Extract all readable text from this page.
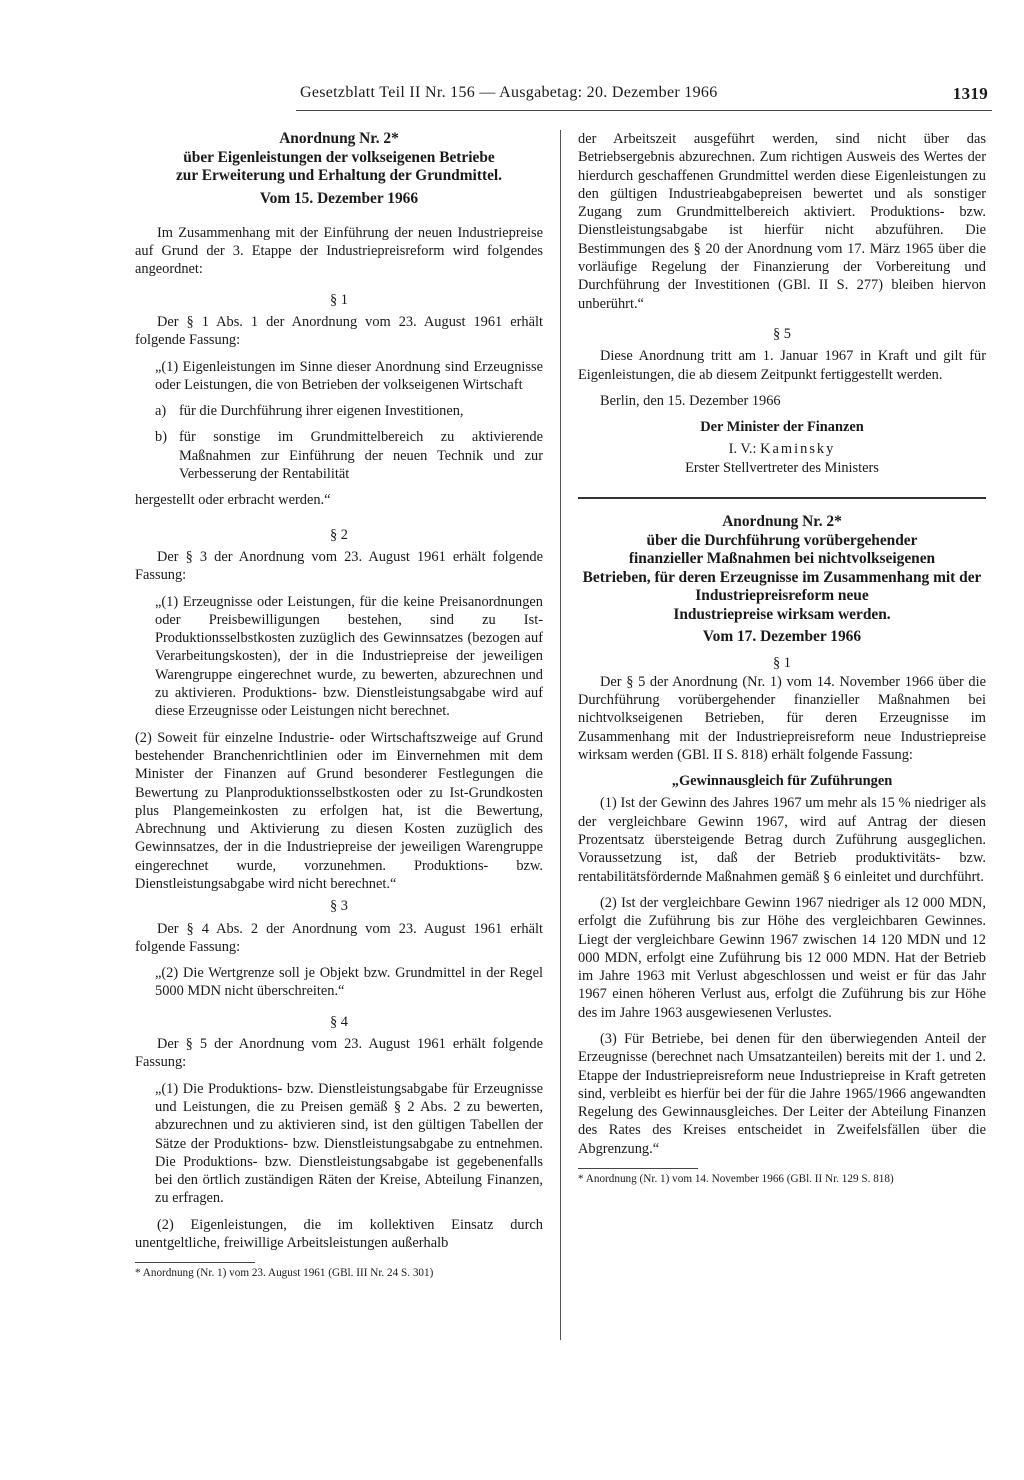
Gesetzblatt Teil II Nr. 156 — Ausgabetag: 20. Dezember 1966	1319
Anordnung Nr. 2*
über Eigenleistungen der volkseigenen Betriebe
zur Erweiterung und Erhaltung der Grundmittel.

Vom 15. Dezember 1966

Im Zusammenhang mit der Einführung der neuen Industriepreise auf Grund der 3. Etappe der Industriepreisreform wird folgendes angeordnet:

§ 1

Der § 1 Abs. 1 der Anordnung vom 23. August 1961 erhält folgende Fassung:

„(1) Eigenleistungen im Sinne dieser Anordnung sind Erzeugnisse oder Leistungen, die von Betrieben der volkseigenen Wirtschaft

a) für die Durchführung ihrer eigenen Investitionen,
b) für sonstige im Grundmittelbereich zu aktivierende Maßnahmen zur Einführung der neuen Technik und zur Verbesserung der Rentabilität

hergestellt oder erbracht werden.“

§ 2

Der § 3 der Anordnung vom 23. August 1961 erhält folgende Fassung:

„(1) Erzeugnisse oder Leistungen, für die keine Preisanordnungen oder Preisbewilligungen bestehen, sind zu Ist-Produktionsselbstkosten zuzüglich des Gewinnsatzes (bezogen auf Verarbeitungskosten), der in die Industriepreise der jeweiligen Warengruppe eingerechnet wurde, zu bewerten, abzurechnen und zu aktivieren. Produktions- bzw. Dienstleistungsabgabe wird auf diese Erzeugnisse oder Leistungen nicht berechnet.

(2) Soweit für einzelne Industrie- oder Wirtschaftszweige auf Grund bestehender Branchenrichtlinien oder im Einvernehmen mit dem Minister der Finanzen auf Grund besonderer Festlegungen die Bewertung zu Planproduktionsselbstkosten oder zu Ist-Grundkosten plus Plangemeinkosten zu erfolgen hat, ist die Bewertung, Abrechnung und Aktivierung zu diesen Kosten zuzüglich des Gewinnsatzes, der in die Industriepreise der jeweiligen Warengruppe eingerechnet wurde, vorzunehmen. Produktions- bzw. Dienstleistungsabgabe wird nicht berechnet.“

§ 3

Der § 4 Abs. 2 der Anordnung vom 23. August 1961 erhält folgende Fassung:

„(2) Die Wertgrenze soll je Objekt bzw. Grundmittel in der Regel 5000 MDN nicht überschreiten.“

§ 4

Der § 5 der Anordnung vom 23. August 1961 erhält folgende Fassung:

„(1) Die Produktions- bzw. Dienstleistungsabgabe für Erzeugnisse und Leistungen, die zu Preisen gemäß § 2 Abs. 2 zu bewerten, abzurechnen und zu aktivieren sind, ist den gültigen Tabellen der Sätze der Produktions- bzw. Dienstleistungsabgabe zu entnehmen. Die Produktions- bzw. Dienstleistungsabgabe ist gegebenenfalls bei den örtlich zuständigen Räten der Kreise, Abteilung Finanzen, zu erfragen.

(2) Eigenleistungen, die im kollektiven Einsatz durch unentgeltliche, freiwillige Arbeitsleistungen außerhalb

* Anordnung (Nr. 1) vom 23. August 1961 (GBl. III Nr. 24 S. 301)

der Arbeitszeit ausgeführt werden, sind nicht über das Betriebsergebnis abzurechnen. Zum richtigen Ausweis des Wertes der hierdurch geschaffenen Grundmittel werden diese Eigenleistungen zu den gültigen Industrieabgabepreisen bewertet und als sonstiger Zugang zum Grundmittelbereich aktiviert. Produktions- bzw. Dienstleistungsabgabe ist hierfür nicht abzuführen. Die Bestimmungen des § 20 der Anordnung vom 17. März 1965 über die vorläufige Regelung der Finanzierung der Vorbereitung und Durchführung der Investitionen (GBl. II S. 277) bleiben hiervon unberührt.“

§ 5

Diese Anordnung tritt am 1. Januar 1967 in Kraft und gilt für Eigenleistungen, die ab diesem Zeitpunkt fertiggestellt werden.

Berlin, den 15. Dezember 1966

Der Minister der Finanzen

I. V.: Kaminsky

Erster Stellvertreter des Ministers

Anordnung Nr. 2*
über die Durchführung vorübergehender
finanzieller Maßnahmen bei nichtvolkseigenen
Betrieben, für deren Erzeugnisse im Zusammenhang mit der Industriepreisreform neue
Industriepreise wirksam werden.

Vom 17. Dezember 1966

§ 1

Der § 5 der Anordnung (Nr. 1) vom 14. November 1966 über die Durchführung vorübergehender finanzieller Maßnahmen bei nichtvolkseigenen Betrieben, für deren Erzeugnisse im Zusammenhang mit der Industriepreisreform neue Industriepreise wirksam werden (GBl. II S. 818) erhält folgende Fassung:

„Gewinnausgleich für Zuführungen

(1) Ist der Gewinn des Jahres 1967 um mehr als 15 % niedriger als der vergleichbare Gewinn 1967, wird auf Antrag der diesen Prozentsatz übersteigende Betrag durch Zuführung ausgeglichen. Voraussetzung ist, daß der Betrieb produktivitäts- bzw. rentabilitätsfördernde Maßnahmen gemäß § 6 einleitet und durchführt.

(2) Ist der vergleichbare Gewinn 1967 niedriger als 12 000 MDN, erfolgt die Zuführung bis zur Höhe des vergleichbaren Gewinnes. Liegt der vergleichbare Gewinn 1967 zwischen 14 120 MDN und 12 000 MDN, erfolgt eine Zuführung bis 12 000 MDN. Hat der Betrieb im Jahre 1963 mit Verlust abgeschlossen und weist er für das Jahr 1967 einen höheren Verlust aus, erfolgt die Zuführung bis zur Höhe des im Jahre 1963 ausgewiesenen Verlustes.

(3) Für Betriebe, bei denen für den überwiegenden Anteil der Erzeugnisse (berechnet nach Umsatzanteilen) bereits mit der 1. und 2. Etappe der Industriepreisreform neue Industriepreise in Kraft getreten sind, verbleibt es hierfür bei der für die Jahre 1965/1966 angewandten Regelung des Gewinnausgleiches. Der Leiter der Abteilung Finanzen des Rates des Kreises entscheidet in Zweifelsfällen über die Abgrenzung.“

* Anordnung (Nr. 1) vom 14. November 1966 (GBl. II Nr. 129 S. 818)
